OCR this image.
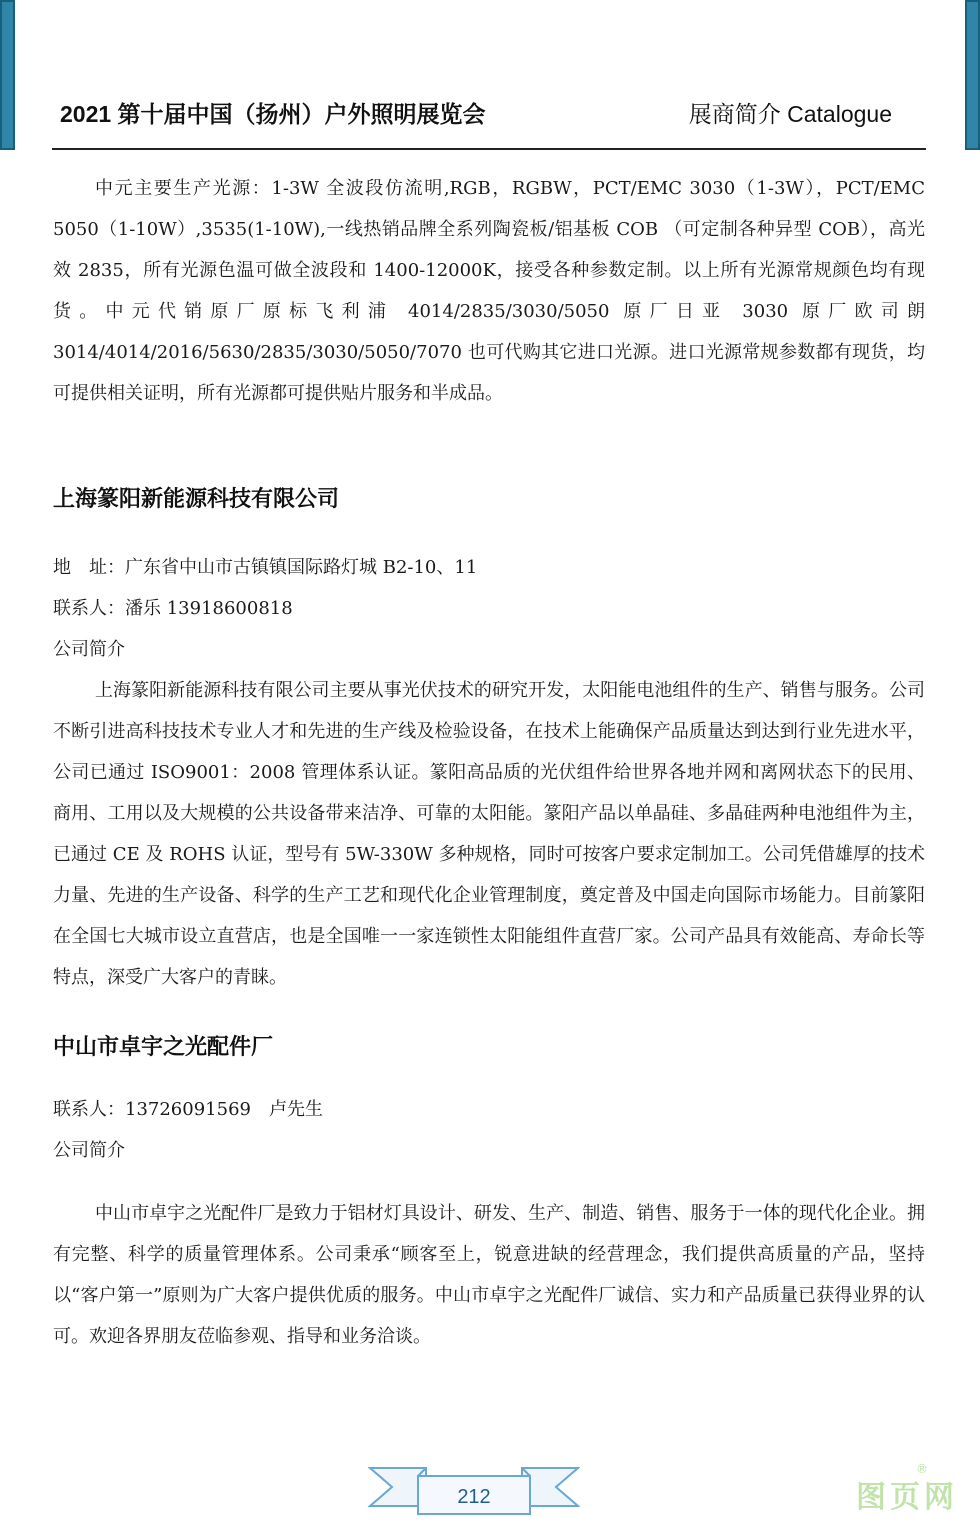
2021 第十届中国（扬州）户外照明展览会	展商简介 Catalogue

中元主要生产光源：1-3W 全波段仿流明,RGB，RGBW，PCT/EMC 3030（1-3W），PCT/EMC 5050（1-10W）,3535(1-10W),一线热销品牌全系列陶瓷板/铝基板 COB （可定制各种异型 COB），高光效 2835，所有光源色温可做全波段和 1400-12000K，接受各种参数定制。以上所有光源常规颜色均有现货。中元代销原厂原标飞利浦 4014/2835/3030/5050 原厂日亚 3030 原厂欧司朗 3014/4014/2016/5630/2835/3030/5050/7070 也可代购其它进口光源。进口光源常规参数都有现货，均可提供相关证明，所有光源都可提供贴片服务和半成品。

上海篆阳新能源科技有限公司

地　址：广东省中山市古镇镇国际路灯城 B2-10、11

联系人：潘乐 13918600818

公司简介

上海篆阳新能源科技有限公司主要从事光伏技术的研究开发，太阳能电池组件的生产、销售与服务。公司不断引进高科技技术专业人才和先进的生产线及检验设备，在技术上能确保产品质量达到达到行业先进水平，公司已通过 ISO9001：2008 管理体系认证。篆阳高品质的光伏组件给世界各地并网和离网状态下的民用、商用、工用以及大规模的公共设备带来洁净、可靠的太阳能。篆阳产品以单晶硅、多晶硅两种电池组件为主，已通过 CE 及 ROHS 认证，型号有 5W-330W 多种规格，同时可按客户要求定制加工。公司凭借雄厚的技术力量、先进的生产设备、科学的生产工艺和现代化企业管理制度，奠定普及中国走向国际市场能力。目前篆阳在全国七大城市设立直营店，也是全国唯一一家连锁性太阳能组件直营厂家。公司产品具有效能高、寿命长等特点，深受广大客户的青睐。

中山市卓宇之光配件厂

联系人：13726091569　卢先生

公司简介

中山市卓宇之光配件厂是致力于铝材灯具设计、研发、生产、制造、销售、服务于一体的现代化企业。拥有完整、科学的质量管理体系。公司秉承“顾客至上，锐意进缺的经营理念，我们提供高质量的产品，坚持以“客户第一”原则为广大客户提供优质的服务。中山市卓宇之光配件厂诚信、实力和产品质量已获得业界的认可。欢迎各界朋友莅临参观、指导和业务洽谈。

212	图页网
®
